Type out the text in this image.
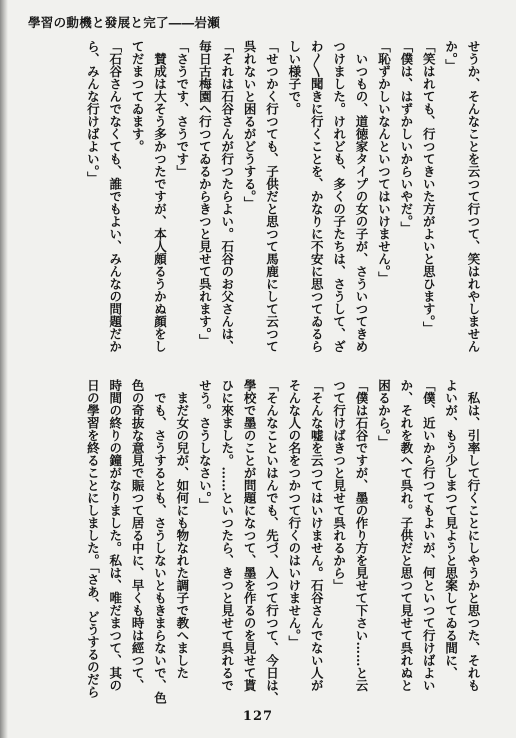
學習の動機と發展と完了――岩瀬
せうか、そんなことを云つて行つて、笑はれやしません
か。」
「笑はれても、行つてきいた方がよいと思ひます。」
「僕は、はずかしいからいやだ。」
「恥ずかしいなんといつてはいけません。」
　いつもの、道徳家タイプの女の子が、さういつてきめ
つけました。けれども、多くの子たちは、さうして、ざ
わ〳〵聞きに行くことを、かなりに不安に思つてゐるら
しい様子で。
「せつかく行つても、子供だと思つて馬鹿にして云つて
呉れないと困るがどうする。」
「それは石谷さんが行つたらよい。石谷のお父さんは、
毎日古梅園へ行つてゐるからきつと見せて呉れます。」
「さうです、さうです」
　賛成は大そう多かつたですが、本人頗るうかぬ顔をし
てだまつてゐます。
「石谷さんでなくても、誰でもよい、みんなの問題だか
ら、みんな行けばよい。」
　私は、引率して行くことにしやうかと思つた、それも
よいが、もう少しまつて見ようと思案してゐる間に、
「僕、近いから行つてもよいが、何といつて行けばよい
か、それを教へて呉れ。子供だと思つて見せて呉れぬと
困るから。」
「僕は石谷ですが、墨の作り方を見せて下さい……と云
つて行けばきつと見せて呉れるから」
「そんな嘘を云つてはいけません。石谷さんでない人が
そんな人の名をつかつて行くのはいけません。」
「そんなこといはんでも、先づ、入つて行つて、今日は、
學校で墨のことが問題になつて、墨を作るのを見せて貰
ひに來ました。……といつたら、きつと見せて呉れるで
せう。さうしなさい。」
　まだ女の兒が、如何にも物なれた調子で教へました
　でも、さうするとも、さうしないともきまらないで、色
色の奇抜な意見で賑つて居る中に、早くも時は經つて、
時間の終りの鐘がなりました。私は、唯だまつて、其の
日の學習を終ることにしました。「さあ、どうするのだら
127
